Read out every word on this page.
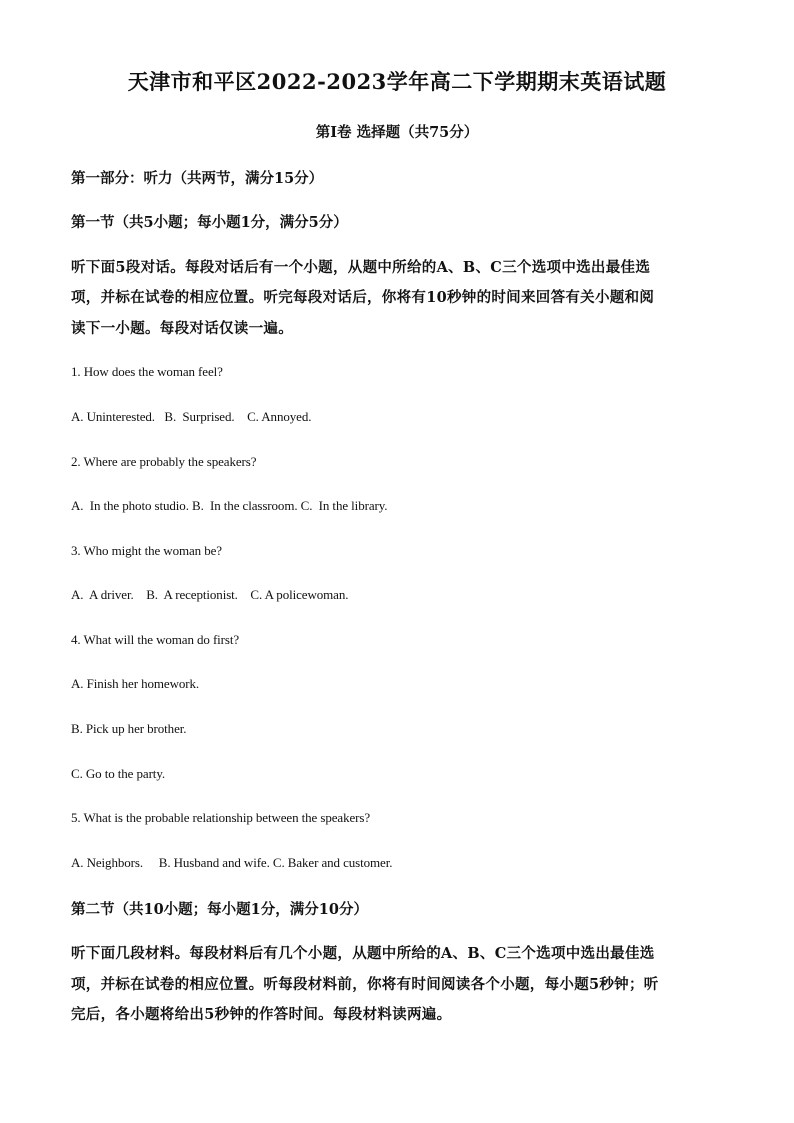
天津市和平区2022-2023学年高二下学期期末英语试题
第Ⅰ卷 选择题（共75分）
第一部分：听力（共两节，满分15分）
第一节（共5小题；每小题1分，满分5分）
听下面5段对话。每段对话后有一个小题，从题中所给的A、B、C三个选项中选出最佳选
项，并标在试卷的相应位置。听完每段对话后，你将有10秒钟的时间来回答有关小题和阅
读下一小题。每段对话仅读一遍。
1. How does the woman feel?
A. Uninterested.   B.  Surprised.    C. Annoyed.
2. Where are probably the speakers?
A.  In the photo studio. B.  In the classroom. C.  In the library.
3. Who might the woman be?
A.  A driver.    B.  A receptionist.    C. A policewoman.
4. What will the woman do first?
A. Finish her homework.
B. Pick up her brother.
C. Go to the party.
5. What is the probable relationship between the speakers?
A. Neighbors.     B. Husband and wife. C. Baker and customer.
第二节（共10小题；每小题1分，满分10分）
听下面几段材料。每段材料后有几个小题，从题中所给的A、B、C三个选项中选出最佳选
项，并标在试卷的相应位置。听每段材料前，你将有时间阅读各个小题，每小题5秒钟；听
完后，各小题将给出5秒钟的作答时间。每段材料读两遍。
